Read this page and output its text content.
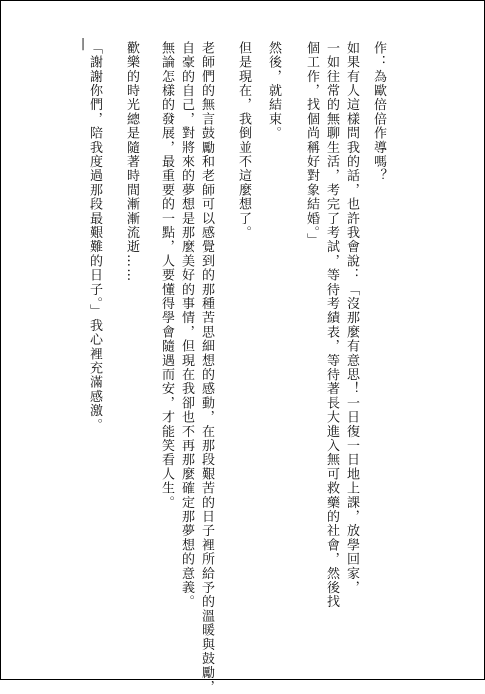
|	作：為歐倍倍作導嗎？
如果有人這樣問我的話，也許我會說：「沒那麼有意思！一日復一日地上課，放學回家，
一如往常的無聊生活，考完了考試，等待考績表，等待著長大進入無可救藥的社會，然後找
個工作，找個尚稱好對象結婚。」
然後，就結束。
但是現在，我倒並不這麼想了。
老師們的無言鼓勵和老師可以感覺到的那種苦思細想的感動，在那段艱苦的日子裡所給予的溫暖與鼓勵，
自豪的自己，對將來的夢想是那麼美好的事情，但現在我卻也不再那麼確定那夢想的意義。
無論怎樣的發展，最重要的一點，人要懂得學會隨遇而安，才能笑看人生。
歡樂的時光總是隨著時間漸漸流逝……
「謝謝你們，陪我度過那段最艱難的日子。」我心裡充滿感激。
